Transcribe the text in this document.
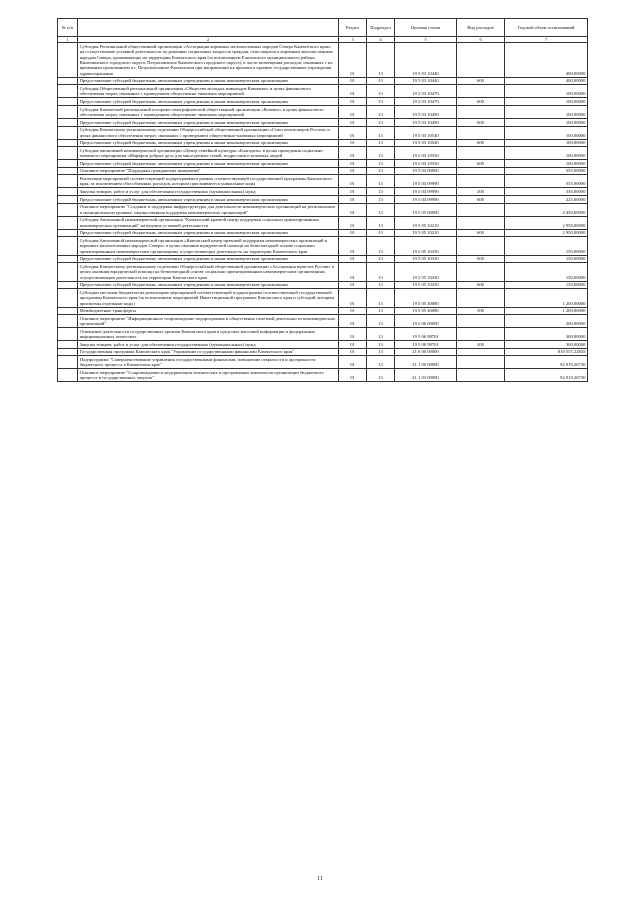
№ п/п		Раздел	Подраздел	Целевая статья	Вид расходов	Годовой объем ассигнований
1	2	3	4	5	6	7
	Субсидия Региональной общественной организации «Ассоциация коренных малочисленных народов Севера Камчатского края» на осуществление уставной деятельности по решению социальных вопросов граждан, относящихся к коренным малочисленным народам Севера, проживающих на территории Камчатского края (за исключением Елизовского муниципального района, Вилючинского городского округа, Петропавловск-Камчатского городского округа), в части возмещения расходов, связанных с их временным проживанием в г. Петропавловске-Камчатском при направлении их врачами в краевые государственные учреждения здравоохранения	01	13	19 5 03 10440		400,00000
	Предоставление субсидий бюджетным, автономным учреждениям и иным некоммерческим организациям	01	13	19 5 03 10440	600	400,00000
	Субсидия Общественной региональной организации «Общество молодых инвалидов Камчатки» в целях финансового обеспечения затрат, связанных с проведением общественно-значимых мероприятий	01	13	19 5 03 10470		100,00000
	Предоставление субсидий бюджетным, автономным учреждениям и иным некоммерческим организациям	01	13	19 5 03 10470	600	100,00000
	Субсидия Камчатской региональной историко-этнографической общественной организации «Кочевье» в целях финансового обеспечения затрат, связанных с проведением общественно-значимых мероприятий	01	13	19 5 03 10490		100,00000
	Предоставление субсидий бюджетным, автономным учреждениям и иным некоммерческим организациям	01	13	19 5 03 10490	600	100,00000
	Субсидия Камчатскому региональному отделению Общероссийской общественной организации «Союз пенсионеров России» в целях финансового обеспечения затрат, связанных с проведением общественно-значимых мероприятий	01	13	19 5 03 10540		100,00000
	Предоставление субсидий бюджетным, автономным учреждениям и иным некоммерческим организациям	01	13	19 5 03 10540	600	100,00000
	Субсидия автономной некоммерческой организации «Центр семейной культуры «Благодать» в целях проведения социально-значимого мероприятия «Марафон добрых дел» для многодетных семей, подростков и пожилых людей	01	13	19 5 03 10550		100,00000
	Предоставление субсидий бюджетным, автономным учреждениям и иным некоммерческим организациям	01	13	19 5 03 10550	600	100,00000
	Основное мероприятие "Поддержка гражданских инициатив"	01	13	19 5 04 00000		555,00000
	Реализация мероприятий соответствующей подпрограммы в рамках соответствующей государственной программы Камчатского края, за исключением обособленных расходов, которым присваиваются уникальные коды	01	13	19 5 04 09990		555,00000
	Закупка товаров, работ и услуг для обеспечения государственных (муниципальных) нужд	01	13	19 5 04 09990	200	330,00000
	Предоставление субсидий бюджетным, автономным учреждениям и иным некоммерческим организациям	01	13	19 5 04 09990	600	225,00000
	Основное мероприятие "Создание и поддержка инфраструктуры для деятельности некоммерческих организаций на региональном и муниципальном уровнях, имущественная поддержка некоммерческих организаций"	01	13	19 5 05 00000		4 450,00000
	Субсидия Автономной некоммерческой организации "Камчатский краевой центр поддержки социально ориентированных некоммерческих организаций" на ведение уставной деятельности	01	13	19 5 05 10210		2 950,00000
	Предоставление субсидий бюджетным, автономным учреждениям и иным некоммерческим организациям	01	13	19 5 05 10210	600	2 950,00000
	Субсидия Автономной некоммерческой организации «Камчатский центр правовой поддержки некоммерческих организаций и коренных малочисленных народов Севера» в целях оказания юридической помощи на безвозмездной основе социально ориентированным некоммерческим организациям, осуществляющим деятельность на территории Камчатского края	01	13	19 5 05 10330		150,00000
	Предоставление субсидий бюджетным, автономным учреждениям и иным некоммерческим организациям	01	13	19 5 05 10330	600	150,00000
	Субсидия Камчатскому региональному отделению Общероссийской общественной организации «Ассоциация юристов России» в целях оказания юридической помощи на безвозмездной основе социально ориентированным некоммерческим организациям, осуществляющим деятельность на территории Камчатского края	01	13	19 5 05 10430		150,00000
	Предоставление субсидий бюджетным, автономным учреждениям и иным некоммерческим организациям	01	13	19 5 05 10430	600	150,00000
	Субсидии местным бюджетам на реализацию мероприятий соответствующей подпрограммы соответствующей государственной программы Камчатского края (за исключением мероприятий Инвестиционной программы Камчатского края и субсидий, которым присвоены отдельные коды)	01	13	19 5 05 40080		1 200,00000
	Межбюджетные трансферты	01	13	19 5 05 40080	500	1 200,00000
	Основное мероприятие "Информационное сопровождение подпрограммы и общественно полезной деятельности некоммерческих организаций"	01	13	19 5 06 00000		300,00000
	Освещение деятельности государственных органов Камчатского края в средствах массовой информации и федеральных информационных агентствах	01	13	19 5 06 98701		300,00000
	Закупка товаров, работ и услуг для обеспечения государственных (муниципальных) нужд	01	13	19 5 06 98701	200	300,00000
	Государственная программа Камчатского края "Управление государственными финансами Камчатского края"	01	13	21 0 00 00000		810 557,22835
	Подпрограмма "Совершенствование управления государственными финансами, повышение открытости и прозрачности бюджетного процесса в Камчатском крае"	01	13	21 1 00 00000		92 019,26730
	Основное мероприятие "Сопровождение и модернизация технических и программных комплексов организации бюджетного процесса и государственных закупок"	01	13	21 1 03 00000		92 019,26730
11
